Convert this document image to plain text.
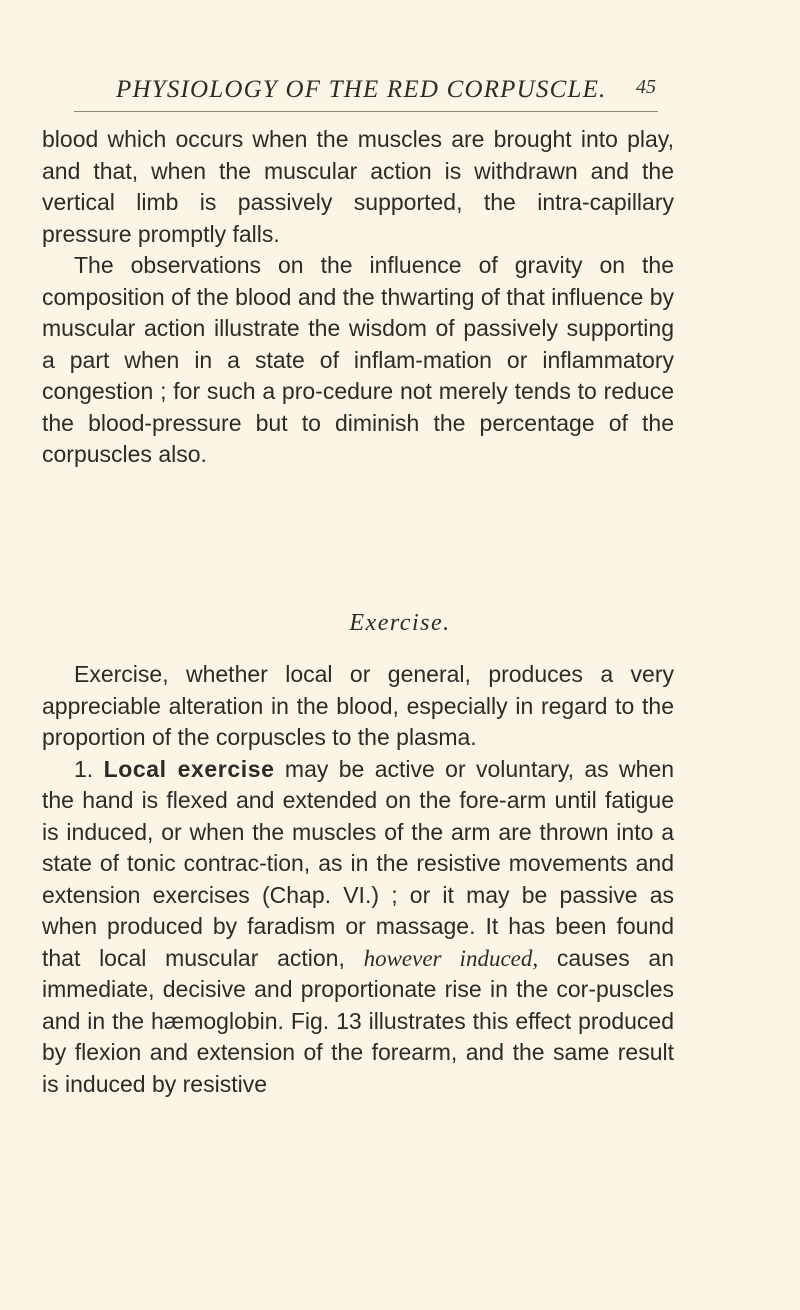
PHYSIOLOGY OF THE RED CORPUSCLE. 45

blood which occurs when the muscles are brought into play, and that, when the muscular action is withdrawn and the vertical limb is passively supported, the intra-capillary pressure promptly falls.

The observations on the influence of gravity on the composition of the blood and the thwarting of that influence by muscular action illustrate the wisdom of passively supporting a part when in a state of inflam-mation or inflammatory congestion ; for such a pro-cedure not merely tends to reduce the blood-pressure but to diminish the percentage of the corpuscles also.

Exercise.

Exercise, whether local or general, produces a very appreciable alteration in the blood, especially in regard to the proportion of the corpuscles to the plasma.

1. Local exercise may be active or voluntary, as when the hand is flexed and extended on the fore-arm until fatigue is induced, or when the muscles of the arm are thrown into a state of tonic contrac-tion, as in the resistive movements and extension exercises (Chap. VI.) ; or it may be passive as when produced by faradism or massage. It has been found that local muscular action, however induced, causes an immediate, decisive and proportionate rise in the cor-puscles and in the hæmoglobin. Fig. 13 illustrates this effect produced by flexion and extension of the forearm, and the same result is induced by resistive
